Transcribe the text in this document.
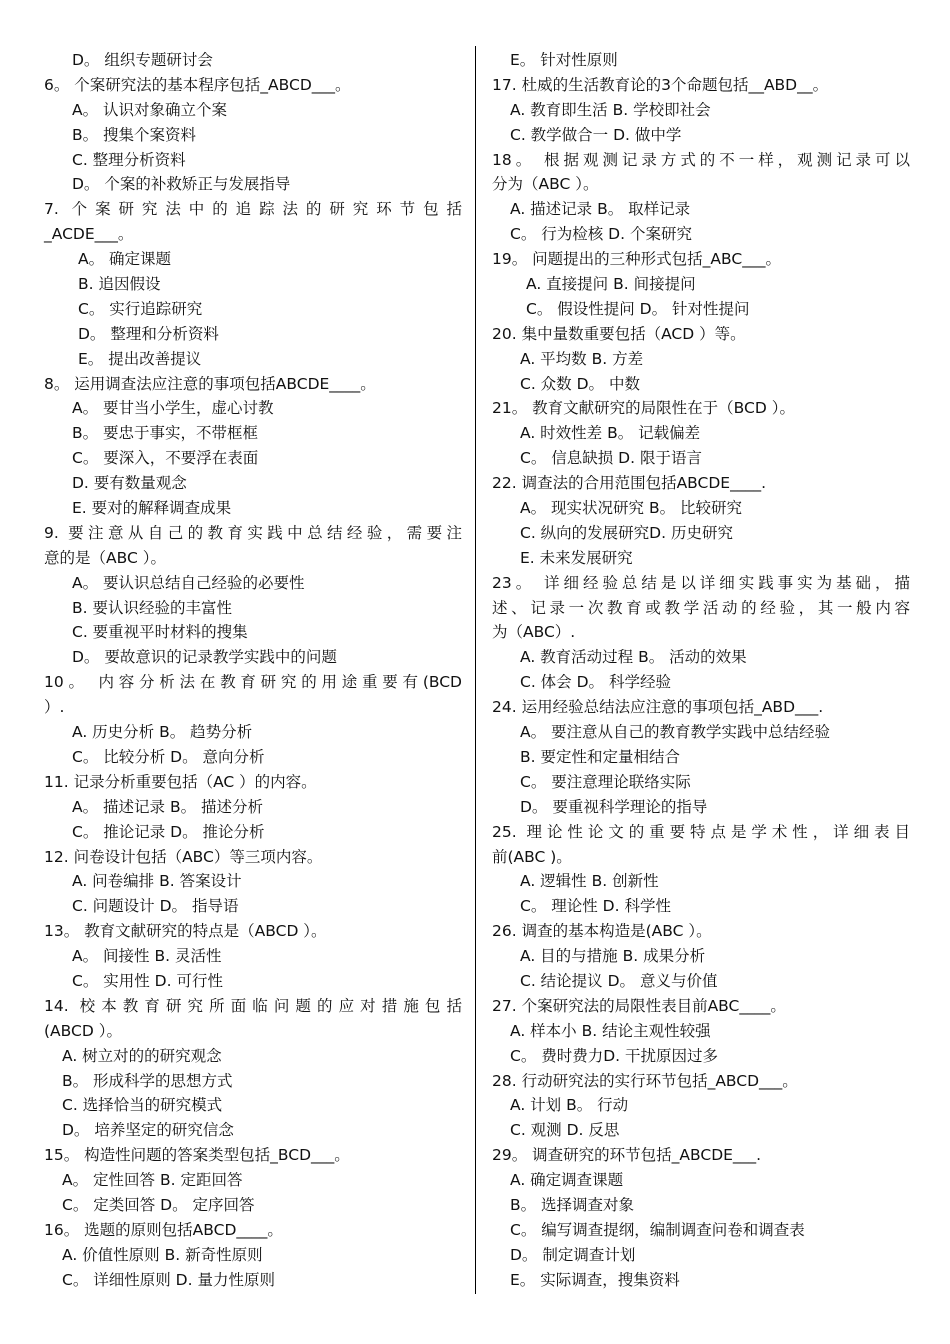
D。 组织专题研讨会
6。 个案研究法的基本程序包括_ABCD___。
A。 认识对象确立个案
B。 搜集个案资料
C. 整理分析资料
D。 个案的补救矫正与发展指导
7. 个案研究法中的追踪法的研究环节包括
_ACDE___。
A。 确定课题
B. 追因假设
C。 实行追踪研究
D。 整理和分析资料
E。 提出改善提议
8。 运用调查法应注意的事项包括ABCDE____。
A。 要甘当小学生，虚心讨教
B。 要忠于事实，不带框框
C。 要深入，不要浮在表面
D. 要有数量观念
E. 要对的解释调查成果
9. 要注意从自己的教育实践中总结经验，需要注
意的是（ABC ）。
A。 要认识总结自己经验的必要性
B. 要认识经验的丰富性
C. 要重视平时材料的搜集
D。 要故意识的记录教学实践中的问题
10。 内容分析法在教育研究的用途重要有(BCD
）.
A. 历史分析 B。 趋势分析
C。 比较分析 D。 意向分析
11. 记录分析重要包括（AC ）的内容。
A。 描述记录 B。 描述分析
C。 推论记录 D。 推论分析
12. 问卷设计包括（ABC）等三项内容。
A. 问卷编排 B. 答案设计
C. 问题设计 D。 指导语
13。 教育文献研究的特点是（ABCD ）。
A。 间接性 B. 灵活性
C。 实用性 D. 可行性
14. 校本教育研究所面临问题的应对措施包括
(ABCD ）。
A. 树立对的的研究观念
B。 形成科学的思想方式
C. 选择恰当的研究模式
D。 培养坚定的研究信念
15。 构造性问题的答案类型包括_BCD___。
A。 定性回答 B. 定距回答
C。 定类回答 D。 定序回答
16。 选题的原则包括ABCD____。
A. 价值性原则 B. 新奇性原则
C。 详细性原则 D. 量力性原则
E。 针对性原则
17. 杜威的生活教育论的3个命题包括__ABD__。
A. 教育即生活 B. 学校即社会
C. 教学做合一 D. 做中学
18。 根据观测记录方式的不一样，观测记录可以
分为（ABC ）。
A. 描述记录 B。 取样记录
C。 行为检核 D. 个案研究
19。 问题提出的三种形式包括_ABC___。
A. 直接提问 B. 间接提问
C。 假设性提问 D。 针对性提问
20. 集中量数重要包括（ACD ）等。
A. 平均数 B. 方差
C. 众数 D。 中数
21。 教育文献研究的局限性在于（BCD ）。
A. 时效性差 B。 记载偏差
C。 信息缺损 D. 限于语言
22. 调查法的合用范围包括ABCDE____.
A。 现实状况研究 B。 比较研究
C. 纵向的发展研究D. 历史研究
E. 未来发展研究
23。 详细经验总结是以详细实践事实为基础，描
述、记录一次教育或教学活动的经验，其一般内容
为（ABC）.
A. 教育活动过程 B。 活动的效果
C. 体会 D。 科学经验
24. 运用经验总结法应注意的事项包括_ABD___.
A。 要注意从自己的教育教学实践中总结经验
B. 要定性和定量相结合
C。 要注意理论联络实际
D。 要重视科学理论的指导
25. 理论性论文的重要特点是学术性，详细表目
前(ABC )。
A. 逻辑性 B. 创新性
C。 理论性 D. 科学性
26. 调查的基本构造是(ABC ）。
A. 目的与措施 B. 成果分析
C. 结论提议 D。 意义与价值
27. 个案研究法的局限性表目前ABC____。
A. 样本小 B. 结论主观性较强
C。 费时费力D. 干扰原因过多
28. 行动研究法的实行环节包括_ABCD___。
A. 计划 B。 行动
C. 观测 D. 反思
29。 调查研究的环节包括_ABCDE___.
A. 确定调查课题
B。 选择调查对象
C。 编写调查提纲，编制调查问卷和调查表
D。 制定调查计划
E。 实际调查，搜集资料
